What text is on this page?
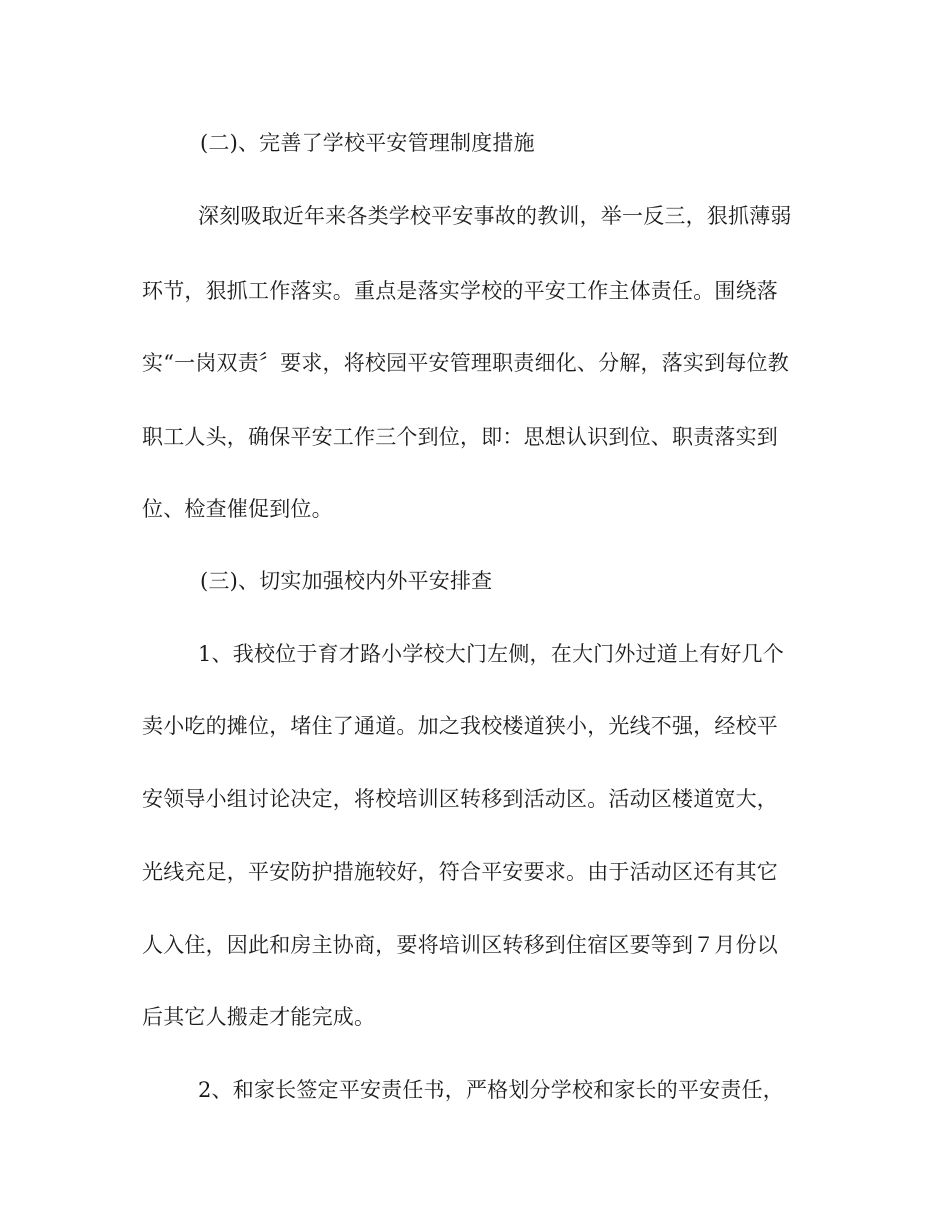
(二)、完善了学校平安管理制度措施
深刻吸取近年来各类学校平安事故的教训，举一反三，狠抓薄弱
环节，狠抓工作落实。重点是落实学校的平安工作主体责任。围绕落
实“一岗双责〞要求，将校园平安管理职责细化、分解，落实到每位教
职工人头，确保平安工作三个到位，即：思想认识到位、职责落实到
位、检查催促到位。
(三)、切实加强校内外平安排查
1、我校位于育才路小学校大门左侧，在大门外过道上有好几个
卖小吃的摊位，堵住了通道。加之我校楼道狭小，光线不强，经校平
安领导小组讨论决定，将校培训区转移到活动区。活动区楼道宽大，
光线充足，平安防护措施较好，符合平安要求。由于活动区还有其它
人入住，因此和房主协商，要将培训区转移到住宿区要等到７月份以
后其它人搬走才能完成。
2、和家长签定平安责任书，严格划分学校和家长的平安责任，
